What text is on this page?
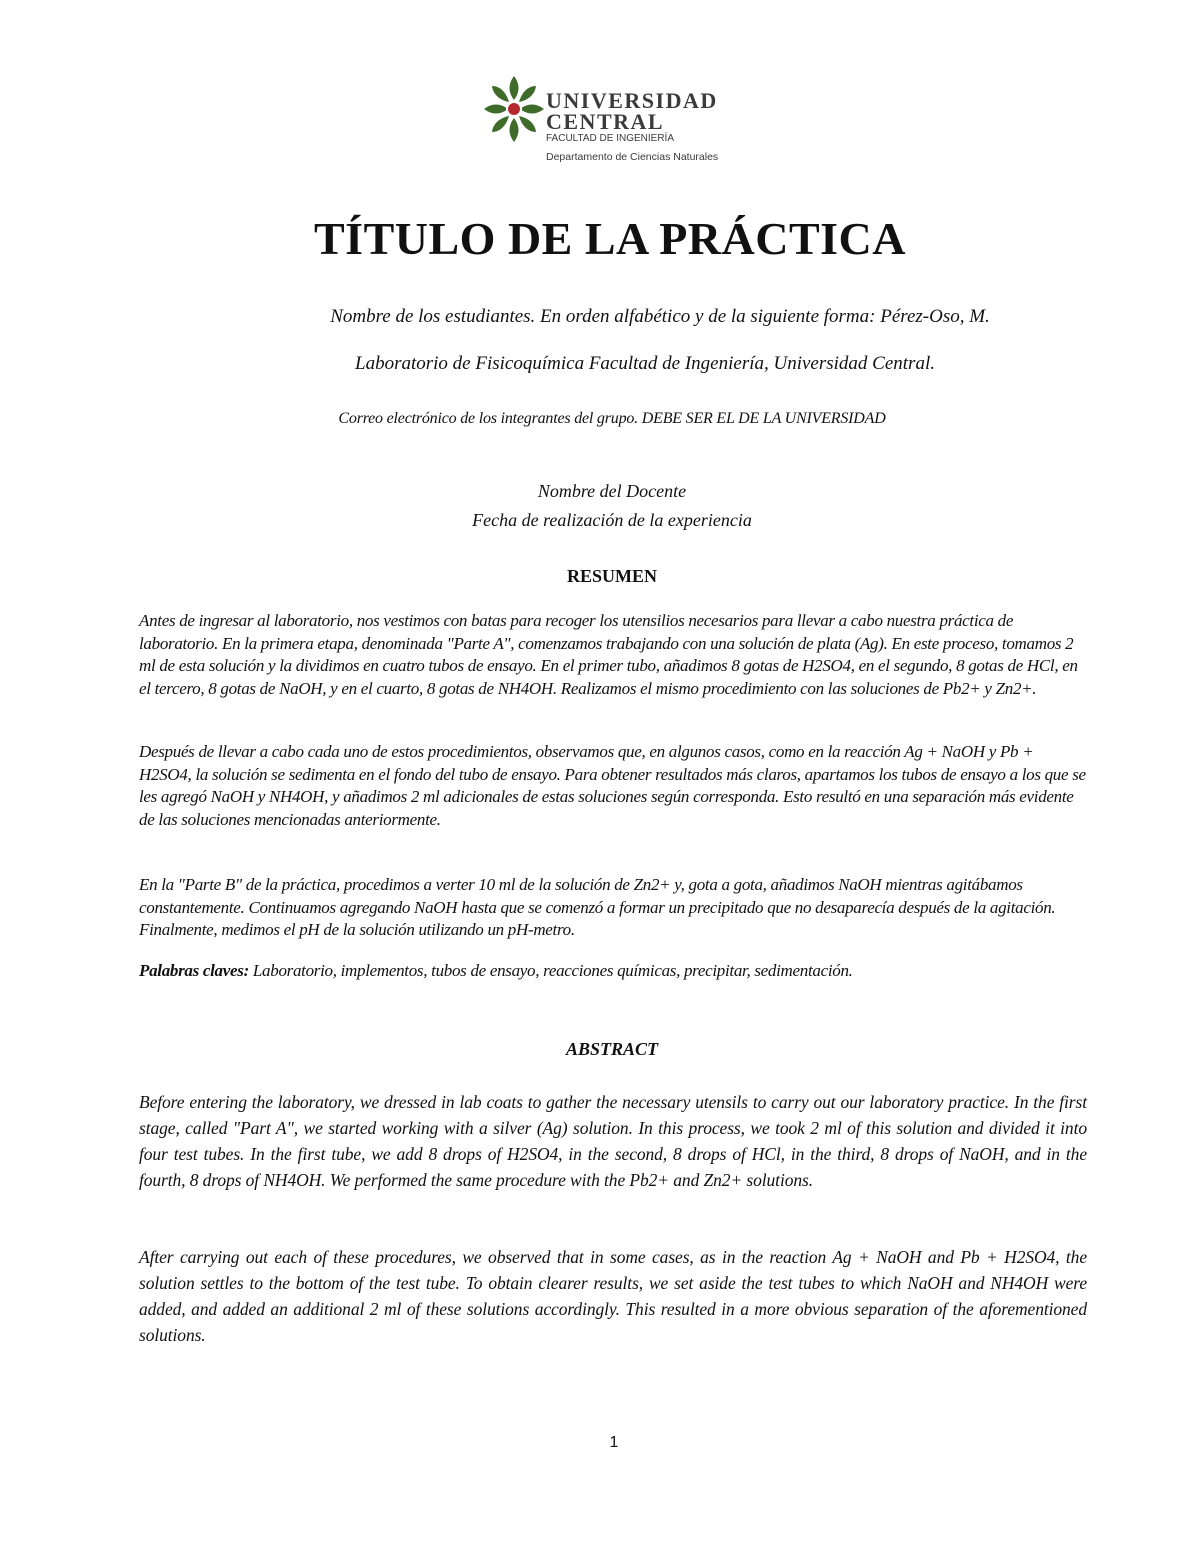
UNIVERSIDAD
CENTRAL
FACULTAD DE INGENIERÍA
Departamento de Ciencias Naturales
TÍTULO DE LA PRÁCTICA
Nombre de los estudiantes. En orden alfabético y de la siguiente forma: Pérez-Oso, M.
Laboratorio de Fisicoquímica Facultad de Ingeniería, Universidad Central.
Correo electrónico de los integrantes del grupo. DEBE SER EL DE LA UNIVERSIDAD
Nombre del Docente
Fecha de realización de la experiencia
RESUMEN
Antes de ingresar al laboratorio, nos vestimos con batas para recoger los utensilios necesarios para llevar a cabo nuestra práctica de laboratorio. En la primera etapa, denominada "Parte A", comenzamos trabajando con una solución de plata (Ag). En este proceso, tomamos 2 ml de esta solución y la dividimos en cuatro tubos de ensayo. En el primer tubo, añadimos 8 gotas de H2SO4, en el segundo, 8 gotas de HCl, en el tercero, 8 gotas de NaOH, y en el cuarto, 8 gotas de NH4OH. Realizamos el mismo procedimiento con las soluciones de Pb2+ y Zn2+.
Después de llevar a cabo cada uno de estos procedimientos, observamos que, en algunos casos, como en la reacción Ag + NaOH y Pb + H2SO4, la solución se sedimenta en el fondo del tubo de ensayo. Para obtener resultados más claros, apartamos los tubos de ensayo a los que se les agregó NaOH y NH4OH, y añadimos 2 ml adicionales de estas soluciones según corresponda. Esto resultó en una separación más evidente de las soluciones mencionadas anteriormente.
En la "Parte B" de la práctica, procedimos a verter 10 ml de la solución de Zn2+ y, gota a gota, añadimos NaOH mientras agitábamos constantemente. Continuamos agregando NaOH hasta que se comenzó a formar un precipitado que no desaparecía después de la agitación. Finalmente, medimos el pH de la solución utilizando un pH-metro.
Palabras claves: Laboratorio, implementos, tubos de ensayo, reacciones químicas, precipitar, sedimentación.
ABSTRACT
Before entering the laboratory, we dressed in lab coats to gather the necessary utensils to carry out our laboratory practice. In the first stage, called "Part A", we started working with a silver (Ag) solution. In this process, we took 2 ml of this solution and divided it into four test tubes. In the first tube, we add 8 drops of H2SO4, in the second, 8 drops of HCl, in the third, 8 drops of NaOH, and in the fourth, 8 drops of NH4OH. We performed the same procedure with the Pb2+ and Zn2+ solutions.
After carrying out each of these procedures, we observed that in some cases, as in the reaction Ag + NaOH and Pb + H2SO4, the solution settles to the bottom of the test tube. To obtain clearer results, we set aside the test tubes to which NaOH and NH4OH were added, and added an additional 2 ml of these solutions accordingly. This resulted in a more obvious separation of the aforementioned solutions.
1
